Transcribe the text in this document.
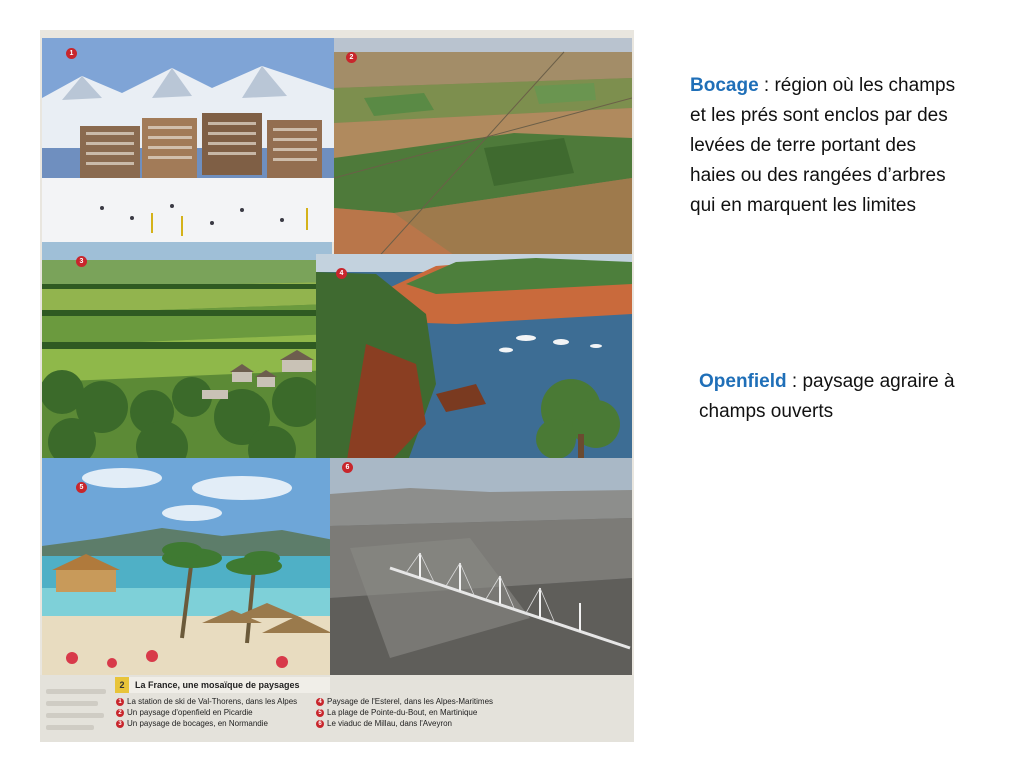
1
2
3
4
5
6
2	La France, une mosaïque de paysages
1 La station de ski de Val-Thorens, dans les Alpes
2 Un paysage d'openfield en Picardie
3 Un paysage de bocages, en Normandie
4 Paysage de l'Esterel, dans les Alpes-Maritimes
5 La plage de Pointe-du-Bout, en Martinique
6 Le viaduc de Millau, dans l'Aveyron
Bocage : région où les champs et les prés sont enclos par des levées de terre portant des haies ou des rangées d’arbres qui en marquent les limites
Openfield : paysage agraire à champs ouverts
